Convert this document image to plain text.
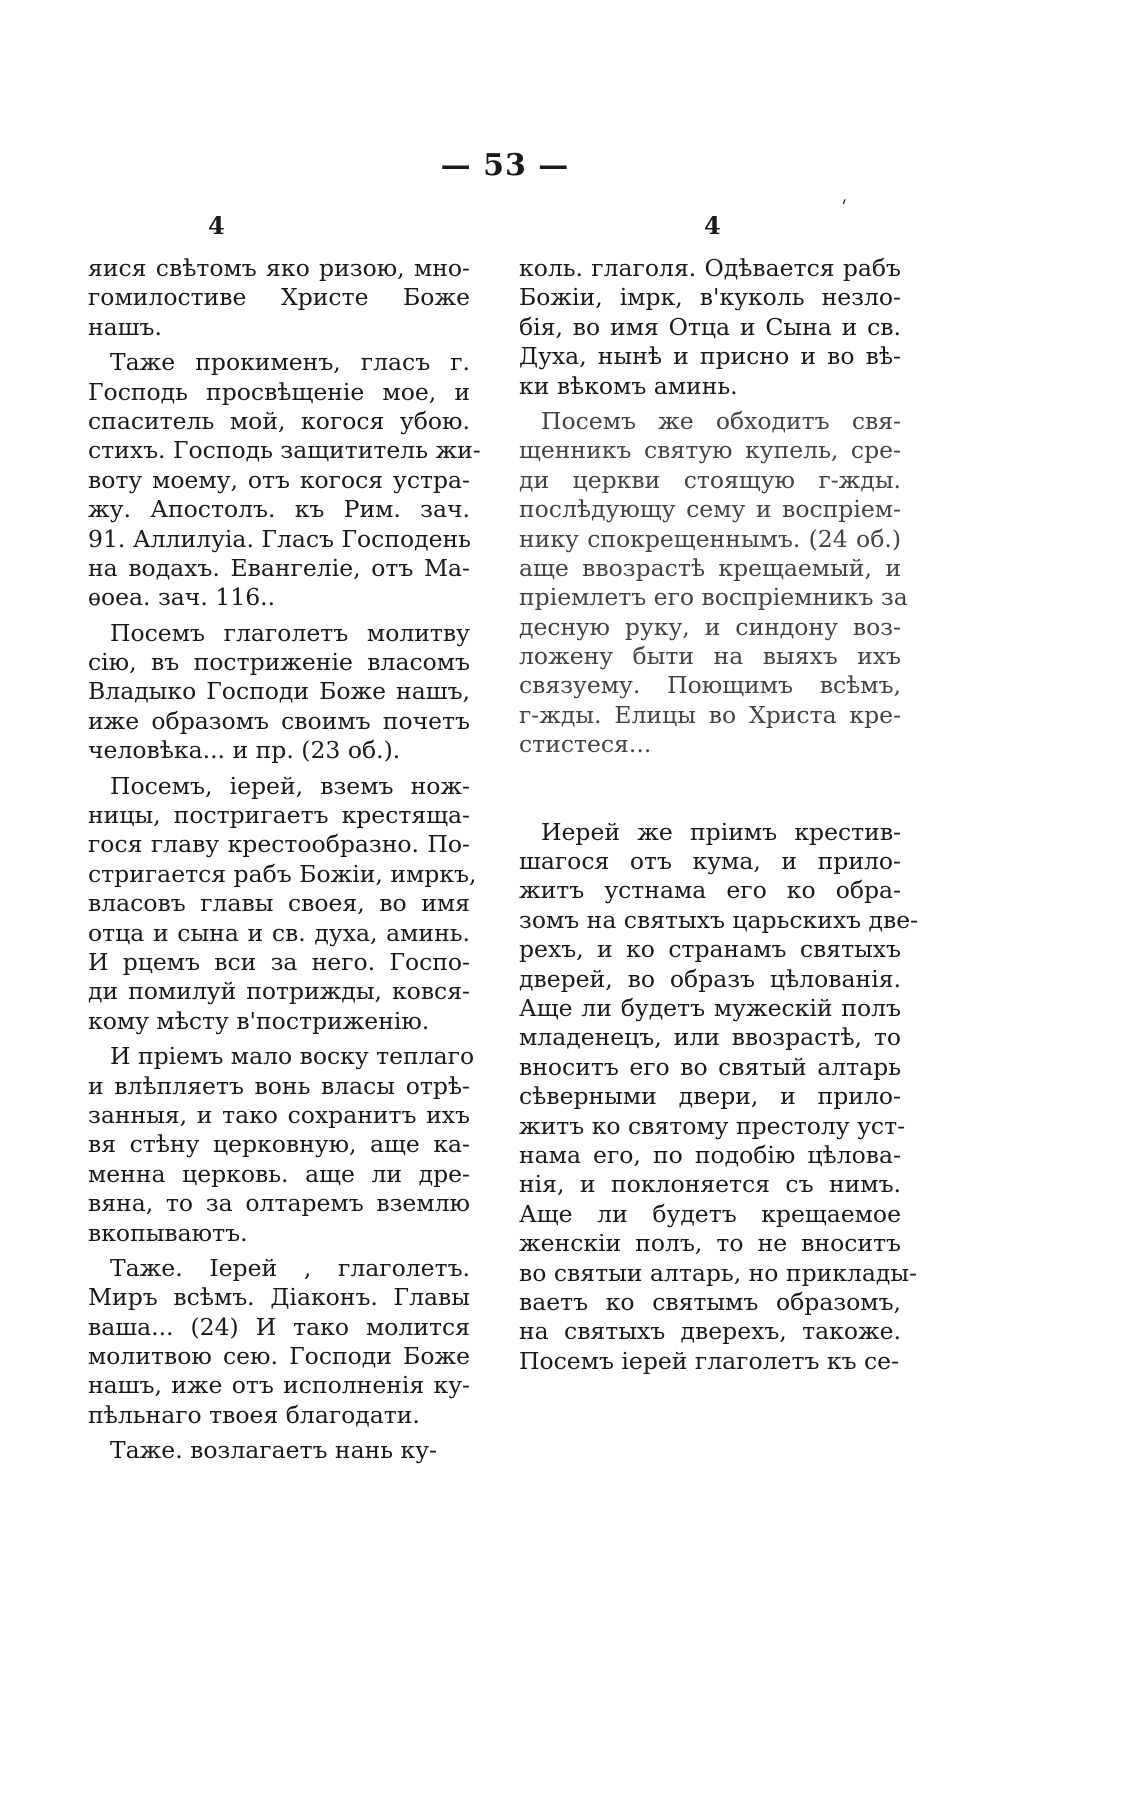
— 53 —
'
4
яися свѣтомъ яко ризою, мно-
гомилостиве Христе Боже
нашъ.
Таже прокименъ, гласъ г.
Господь просвѣщеніе мое, и
спаситель мой, когося убою.
стихъ. Господь защититель жи-
воту моему, отъ когося устра-
жу. Апостолъ. къ Рим. зач.
91. Аллилуіа. Гласъ Господень
на водахъ. Евангеліе, отъ Ма-
ѳоеа. зач. 116..
Посемъ глаголетъ молитву
сію, въ постриженіе власомъ
Владыко Господи Боже нашъ,
иже образомъ своимъ почетъ
человѣка... и пр. (23 об.).
Посемъ, іерей, вземъ нож-
ницы, постригаетъ крестяща-
гося главу крестообразно. По-
стригается рабъ Божіи, имркъ,
власовъ главы своея, во имя
отца и сына и св. духа, аминь.
И рцемъ вси за него. Госпо-
ди помилуй потрижды, ковся-
кому мѣсту в'постриженію.
И пріемъ мало воску теплаго
и влѣпляетъ вонь власы отрѣ-
занныя, и тако сохранитъ ихъ
вя стѣну церковную, аще ка-
менна церковь. аще ли дре-
вяна, то за олтаремъ вземлю
вкопываютъ.
Таже. Іерей , глаголетъ.
Миръ всѣмъ. Діаконъ. Главы
ваша... (24) И тако молится
молитвою сею. Господи Боже
нашъ, иже отъ исполненія ку-
пѣльнаго твоея благодати.
Таже. возлагаетъ нань ку-
4
коль. глаголя. Одѣвается рабъ
Божіи, імрк, в'куколь незло-
бія, во имя Отца и Сына и св.
Духа, нынѣ и присно и во вѣ-
ки вѣкомъ аминь.
Посемъ же обходитъ свя-
щенникъ святую купель, сре-
ди церкви стоящую г-жды.
послѣдующу сему и воспріем-
нику спокрещеннымъ. (24 об.)
аще ввозрастѣ крещаемый, и
пріемлетъ его воспріемникъ за
деснyю руку, и синдону воз-
ложену быти на выяхъ ихъ
связуему. Поющимъ всѣмъ,
г-жды. Елицы во Христа кре-
стистеся...
Иерей же пріимъ крестив-
шагося отъ кума, и прило-
житъ устнама его ко обра-
зомъ на святыхъ царьскихъ две-
рехъ, и ко странамъ святыхъ
дверей, во образъ цѣлованія.
Аще ли будетъ мужескій полъ
младенецъ, или ввозрастѣ, то
вноситъ его во святый алтарь
сѣверными двери, и прило-
житъ ко святому престолу уст-
нама его, по подобію цѣлова-
нія, и поклоняется съ нимъ.
Аще ли будетъ крещаемое
женскіи полъ, то не вноситъ
во святыи алтарь, но приклады-
ваетъ ко святымъ образомъ,
на святыхъ дверехъ, такоже.
Посемъ іерей глаголетъ къ се-
